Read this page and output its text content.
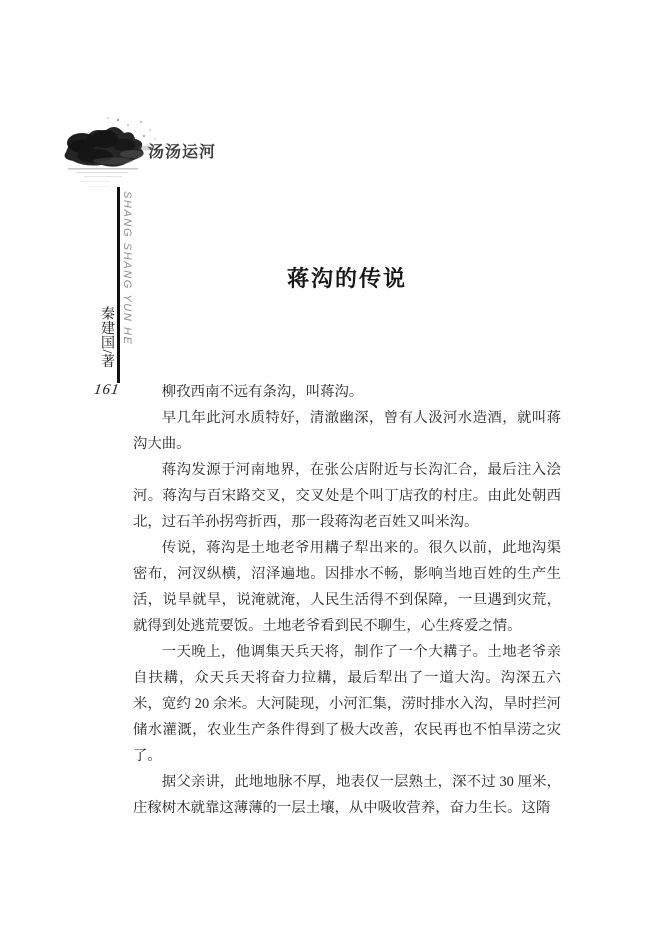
汤汤运河
SHANG SHANG YUN HE
秦建国/著
161
蒋沟的传说

柳孜西南不远有条沟，叫蒋沟。

早几年此河水质特好，清澈幽深，曾有人汲河水造酒，就叫蒋沟大曲。

蒋沟发源于河南地界，在张公店附近与长沟汇合，最后注入浍河。蒋沟与百宋路交叉，交叉处是个叫丁店孜的村庄。由此处朝西北，过石羊孙拐弯折西，那一段蒋沟老百姓又叫米沟。

传说，蒋沟是土地老爷用耩子犁出来的。很久以前，此地沟渠密布，河汊纵横，沼泽遍地。因排水不畅，影响当地百姓的生产生活，说旱就旱，说淹就淹，人民生活得不到保障，一旦遇到灾荒，就得到处逃荒要饭。土地老爷看到民不聊生，心生疼爱之情。

一天晚上，他调集天兵天将，制作了一个大耩子。土地老爷亲自扶耩，众天兵天将奋力拉耩，最后犁出了一道大沟。沟深五六米，宽约 20 余米。大河陡现，小河汇集，涝时排水入沟，旱时拦河储水灌溉，农业生产条件得到了极大改善，农民再也不怕旱涝之灾了。

据父亲讲，此地地脉不厚，地表仅一层熟土，深不过 30 厘米，庄稼树木就靠这薄薄的一层土壤，从中吸收营养，奋力生长。这隋
